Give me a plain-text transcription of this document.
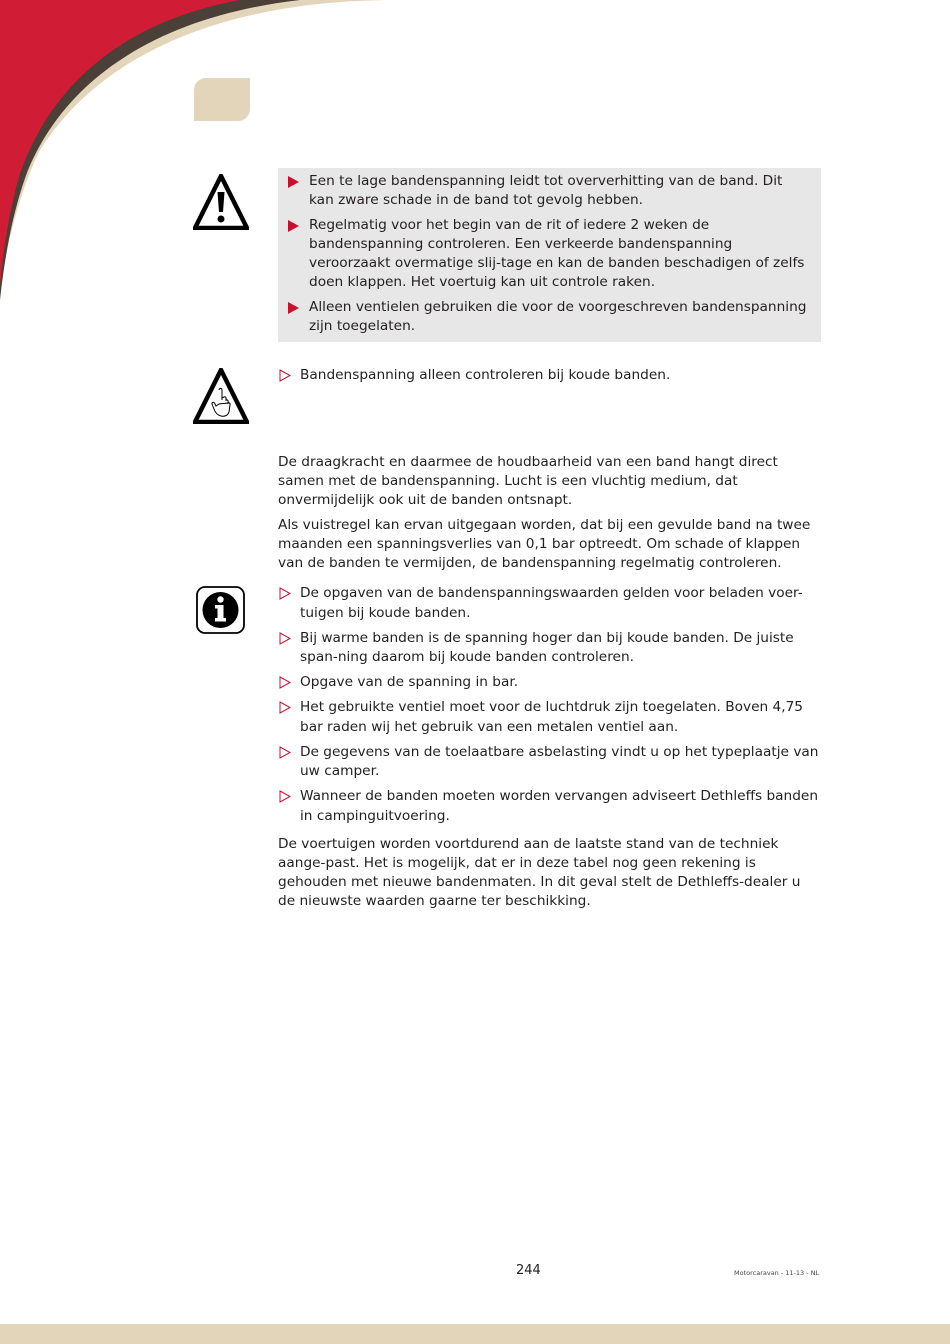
Een te lage bandenspanning leidt tot oververhitting van de band. Dit kan zware schade in de band tot gevolg hebben.
Regelmatig voor het begin van de rit of iedere 2 weken de bandenspanning controleren. Een verkeerde bandenspanning veroorzaakt overmatige slij-tage en kan de banden beschadigen of zelfs doen klappen. Het voertuig kan uit controle raken.
Alleen ventielen gebruiken die voor de voorgeschreven bandenspanning zijn toegelaten.
Bandenspanning alleen controleren bij koude banden.

De draagkracht en daarmee de houdbaarheid van een band hangt direct samen met de bandenspanning. Lucht is een vluchtig medium, dat onvermijdelijk ook uit de banden ontsnapt.

Als vuistregel kan ervan uitgegaan worden, dat bij een gevulde band na twee maanden een spanningsverlies van 0,1 bar optreedt. Om schade of klappen van de banden te vermijden, de bandenspanning regelmatig controleren.

De opgaven van de bandenspanningswaarden gelden voor beladen voer-tuigen bij koude banden.
Bij warme banden is de spanning hoger dan bij koude banden. De juiste span-ning daarom bij koude banden controleren.
Opgave van de spanning in bar.
Het gebruikte ventiel moet voor de luchtdruk zijn toegelaten. Boven 4,75 bar raden wij het gebruik van een metalen ventiel aan.
De gegevens van de toelaatbare asbelasting vindt u op het typeplaatje van uw camper.
Wanneer de banden moeten worden vervangen adviseert Dethleffs banden in campinguitvoering.

De voertuigen worden voortdurend aan de laatste stand van de techniek aange-past. Het is mogelijk, dat er in deze tabel nog geen rekening is gehouden met nieuwe bandenmaten. In dit geval stelt de Dethleffs-dealer u de nieuwste waarden gaarne ter beschikking.

244	Motorcaravan - 11-13 - NL
